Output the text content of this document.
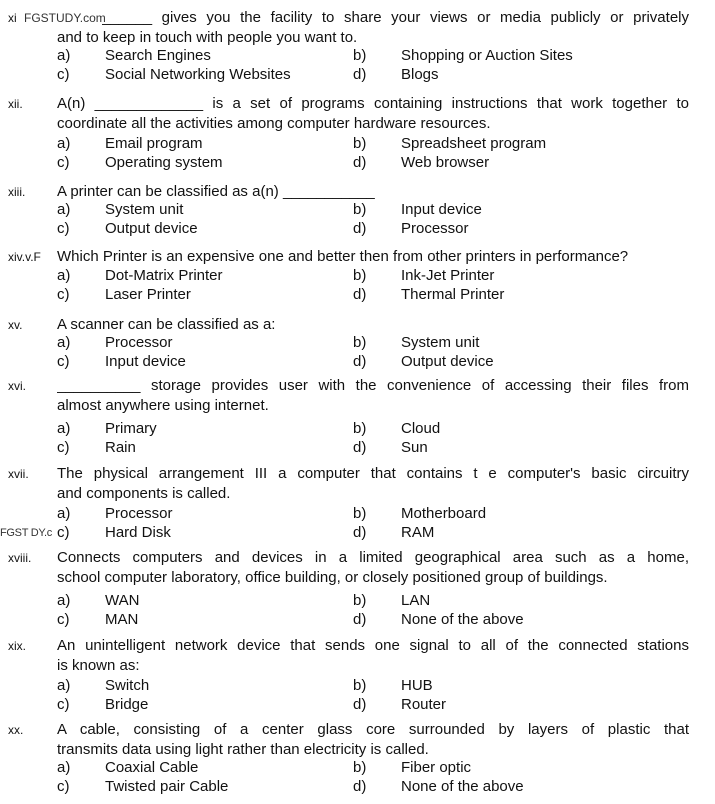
xi	______ gives you the facility to share your views or media publicly or privately
and to keep in touch with people you want to.
a)	Search Engines	b)	Shopping or Auction Sites
c)	Social Networking Websites	d)	Blogs
xii. A(n) _____________ is a set of programs containing instructions that work together to
coordinate all the activities among computer hardware resources.
a)	Email program	b)	Spreadsheet program
c)	Operating system	d)	Web browser
xiii. A printer can be classified as a(n) ___________
a)	System unit	b)	Input device
c)	Output device	d)	Processor
xiv.v.F Which Printer is an expensive one and better then from other printers in performance?
a)	Dot-Matrix Printer	b)	Ink-Jet Printer
c)	Laser Printer	d)	Thermal Printer
xv. A scanner can be classified as a:
a)	Processor	b)	System unit
c)	Input device	d)	Output device
xvi. __________ storage provides user with the convenience of accessing their files from
almost anywhere using internet.
a)	Primary	b)	Cloud
c)	Rain	d)	Sun
xvii. The physical arrangement III a computer that contains t e computer's basic circuitry
and components is called.
a)	Processor	b)	Motherboard
c)	Hard Disk	d)	RAM
xviii. Connects computers and devices in a limited geographical area such as a home,
school computer laboratory, office building, or closely positioned group of buildings.
a)	WAN	b)	LAN
c)	MAN	d)	None of the above
xix. An unintelligent network device that sends one signal to all of the connected stations
is known as:
a)	Switch	b)	HUB
c)	Bridge	d)	Router
xx. A cable, consisting of a center glass core surrounded by layers of plastic that
transmits data using light rather than electricity is called.
a)	Coaxial Cable	b)	Fiber optic
c)	Twisted pair Cable	d)	None of the above
FGSTUDY.com
FGST DY.c
